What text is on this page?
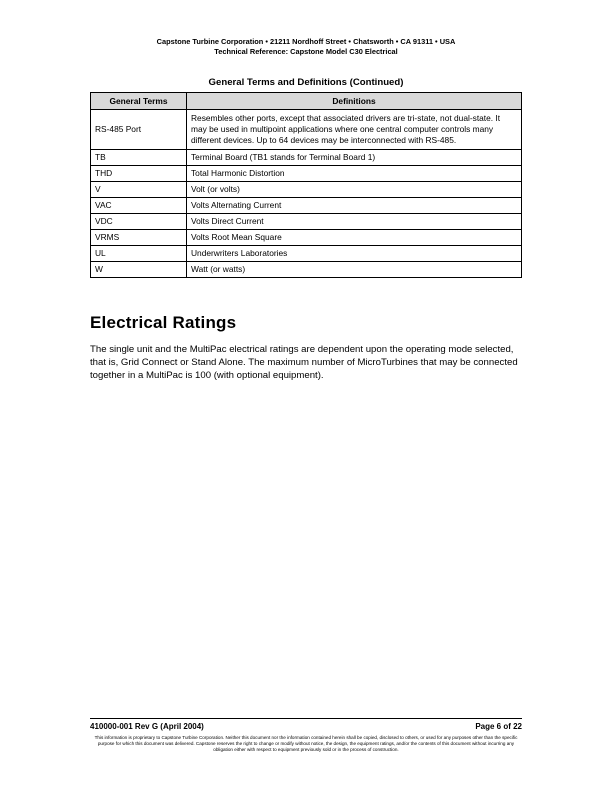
Capstone Turbine Corporation • 21211 Nordhoff Street • Chatsworth • CA 91311 • USA
Technical Reference: Capstone Model C30 Electrical
General Terms and Definitions (Continued)
General Terms	Definitions
RS-485 Port	Resembles other ports, except that associated drivers are tri-state, not dual-state. It may be used in multipoint applications where one central computer controls many different devices. Up to 64 devices may be interconnected with RS-485.
TB	Terminal Board (TB1 stands for Terminal Board 1)
THD	Total Harmonic Distortion
V	Volt (or volts)
VAC	Volts Alternating Current
VDC	Volts Direct Current
VRMS	Volts Root Mean Square
UL	Underwriters Laboratories
W	Watt (or watts)
Electrical Ratings
The single unit and the MultiPac electrical ratings are dependent upon the operating mode selected, that is, Grid Connect or Stand Alone. The maximum number of MicroTurbines that may be connected together in a MultiPac is 100 (with optional equipment).
410000-001 Rev G (April 2004)	Page 6 of 22
This information is proprietary to Capstone Turbine Corporation. Neither this document nor the information contained herein shall be copied, disclosed to others, or used for any purposes other than the specific purpose for which this document was delivered. Capstone reserves the right to change or modify without notice, the design, the equipment ratings, and/or the contents of this document without incurring any obligation either with respect to equipment previously sold or in the process of construction.
